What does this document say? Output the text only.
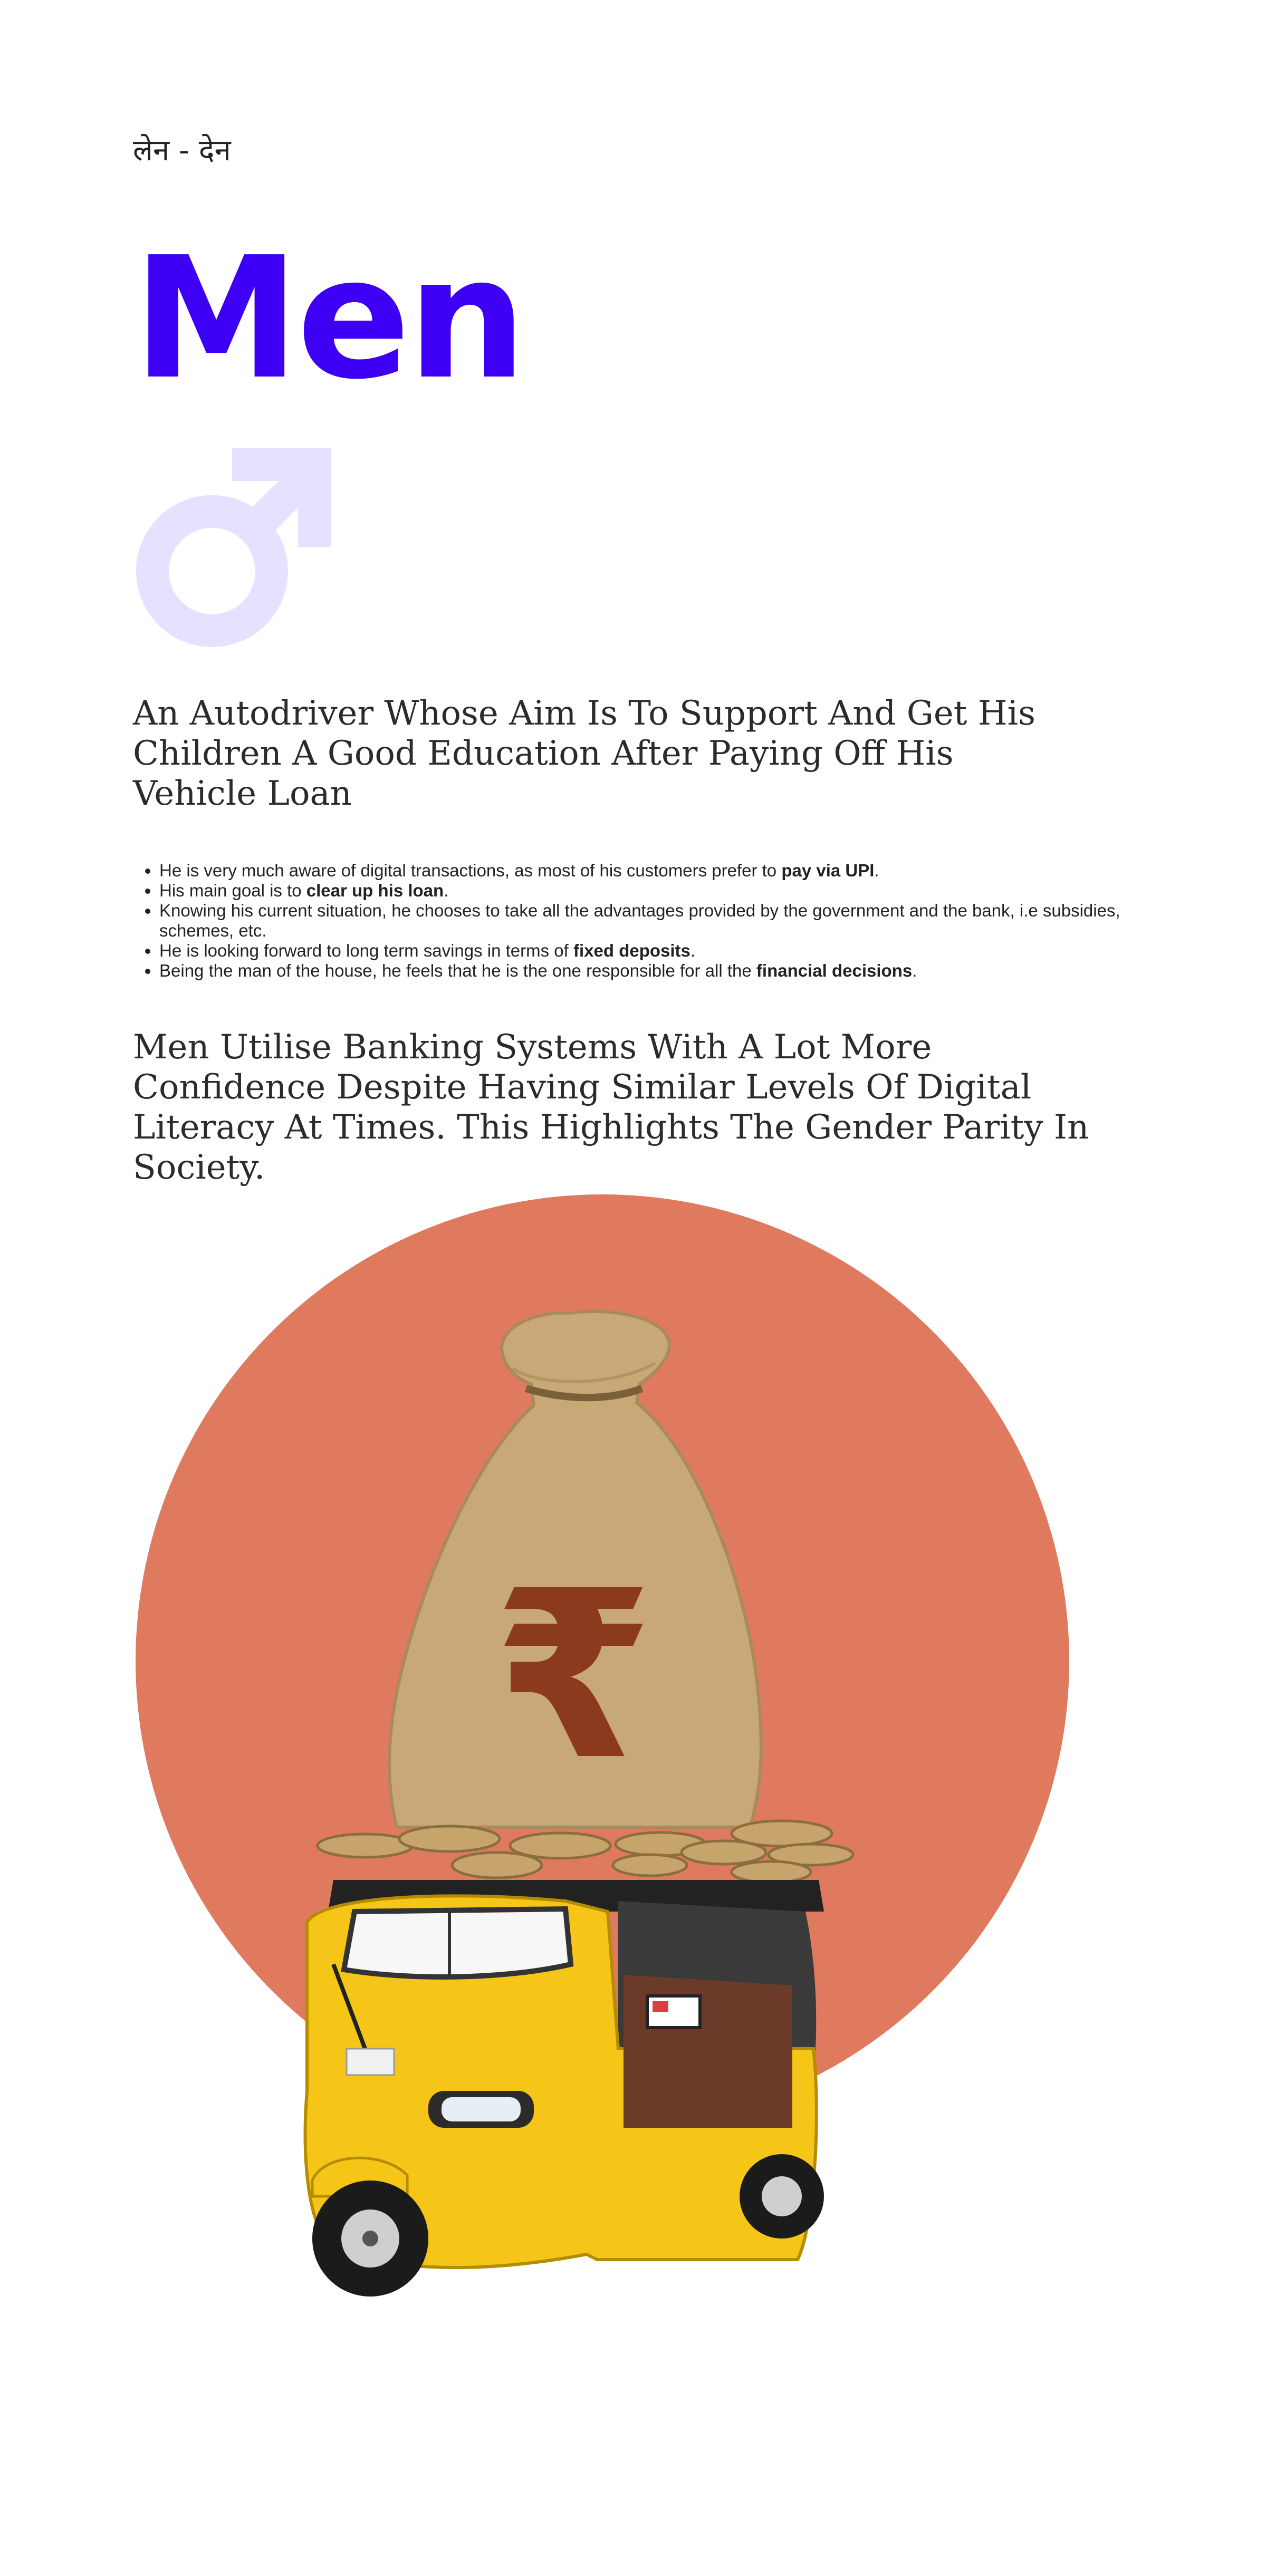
लेन - देन
Men
An Autodriver Whose Aim Is To Support And Get His Children A Good Education After Paying Off His Vehicle Loan
• He is very much aware of digital transactions, as most of his customers prefer to pay via UPI.
• His main goal is to clear up his loan.
• Knowing his current situation, he chooses to take all the advantages provided by the government and the bank, i.e subsidies, schemes, etc.
• He is looking forward to long term savings in terms of fixed deposits.
• Being the man of the house, he feels that he is the one responsible for all the financial decisions.
Men Utilise Banking Systems With A Lot More Confidence Despite Having Similar Levels Of Digital Literacy At Times. This Highlights The Gender Parity In Society.
₹
